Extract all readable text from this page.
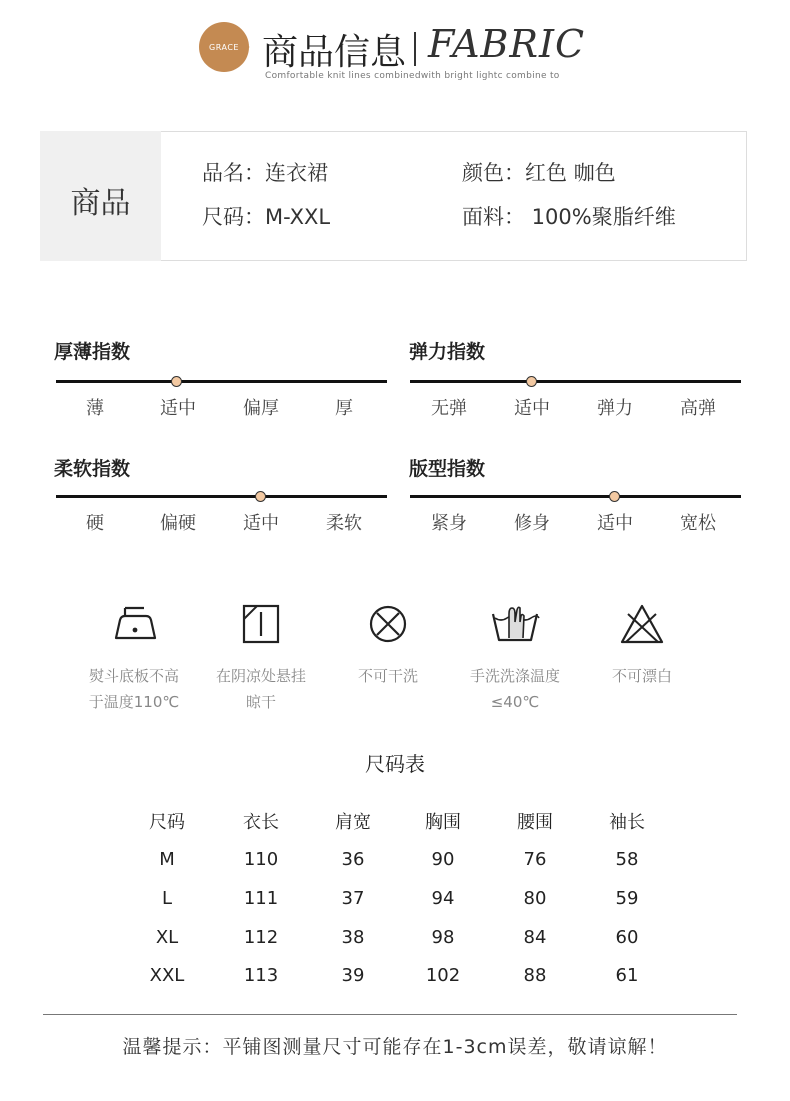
GRACE 商品信息 FABRIC
Comfortable knit lines combinedwith bright lightc combine to
商品
品名：连衣裙	颜色：红色 咖色
尺码：M-XXL	面料： 100%聚脂纤维
厚薄指数
薄	适中	偏厚	厚
弹力指数
无弹	适中	弹力	高弹
柔软指数
硬	偏硬	适中	柔软
版型指数
紧身	修身	适中	宽松
熨斗底板不高
于温度110℃
在阴凉处悬挂
晾干
不可干洗	手洗洗涤温度
≤40℃
不可漂白
尺码表
尺码	衣长	肩宽	胸围	腰围	袖长
M	110	36	90	76	58
L	111	37	94	80	59
XL	112	38	98	84	60
XXL	113	39	102	88	61
温馨提示：平铺图测量尺寸可能存在1-3cm误差，敬请谅解！
